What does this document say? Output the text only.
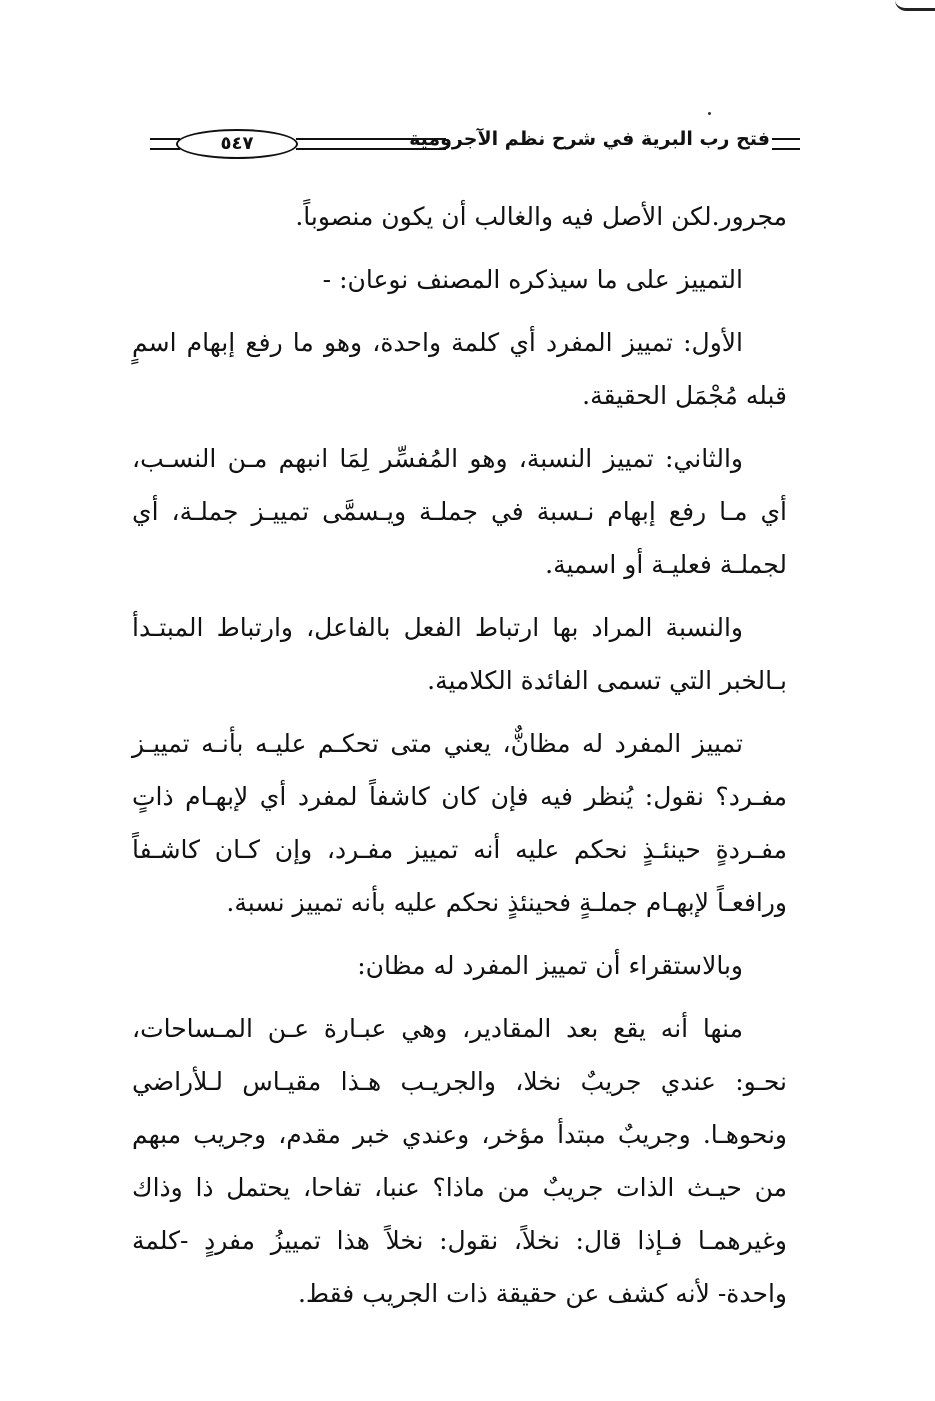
٥٤٧	فتح رب البرية في شرح نظم الآجرومية

مجرور.لكن الأصل فيه والغالب أن يكون منصوباً.

التمييز على ما سيذكره المصنف نوعان: -

الأول: تمييز المفرد أي كلمة واحدة، وهو ما رفع إبهام اسمٍ قبله مُجْمَل الحقيقة.

والثاني: تمييز النسبة، وهو المُفسِّر لِمَا انبهم مـن النسـب، أي مـا رفع إبهام نـسبة في جملـة ويـسمَّى تمييـز جملـة، أي لجملـة فعليـة أو اسمية.

والنسبة المراد بها ارتباط الفعل بالفاعل، وارتباط المبتـدأ بـالخبر التي تسمى الفائدة الكلامية.

تمييز المفرد له مظانٌّ، يعني متى تحكـم عليـه بأنـه تمييـز مفـرد؟ نقول: يُنظر فيه فإن كان كاشفاً لمفرد أي لإبهـام ذاتٍ مفـردةٍ حينئـذٍ نحكم عليه أنه تمييز مفـرد، وإن كـان كاشـفاً ورافعـاً لإبهـام جملـةٍ فحينئذٍ نحكم عليه بأنه تمييز نسبة.

وبالاستقراء أن تمييز المفرد له مظان:

منها أنه يقع بعد المقادير، وهي عبـارة عـن المـساحات، نحـو: عندي جريبٌ نخلا، والجريـب هـذا مقيـاس لـلأراضي ونحوهـا. وجريبٌ مبتدأ مؤخر، وعندي خبر مقدم، وجريب مبهم من حيـث الذات جريبٌ من ماذا؟ عنبا، تفاحا، يحتمل ذا وذاك وغيرهمـا فـإذا قال: نخلاً، نقول: نخلاً هذا تمييزُ مفردٍ -كلمة واحدة- لأنه كشف عن حقيقة ذات الجريب فقط.
